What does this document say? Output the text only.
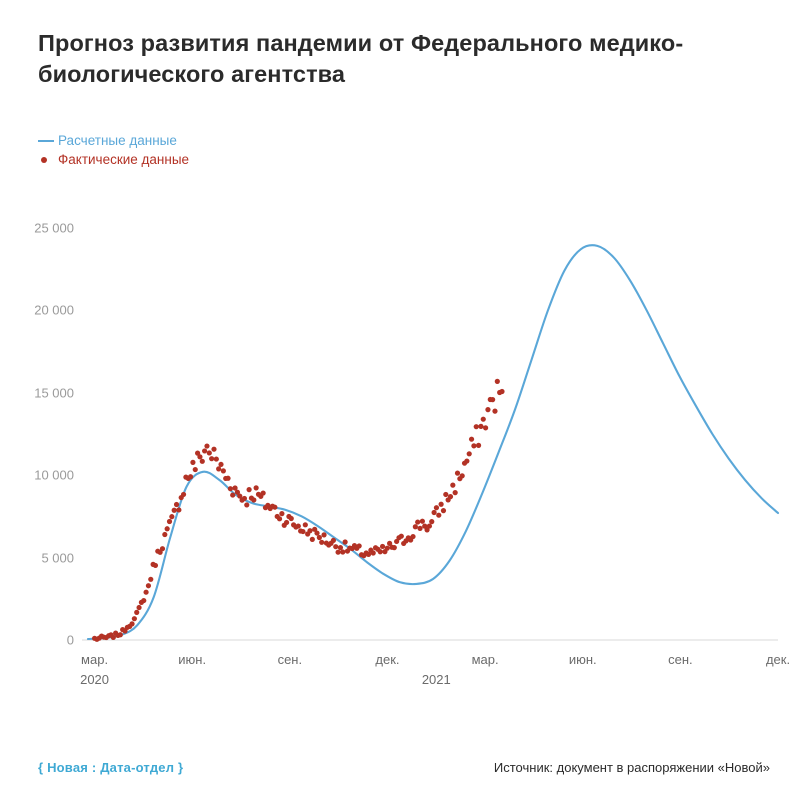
Прогноз развития пандемии от Федерального медико-биологического агентства
Расчетные данные
Фактические данные
0
5 000
10 000
15 000
20 000
25 000
мар.	июн.	сен.	дек.	мар.	июн.	сен.	дек.
2020	2021
{ Новая : Дата-отдел }	Источник: документ в распоряжении «Новой»
